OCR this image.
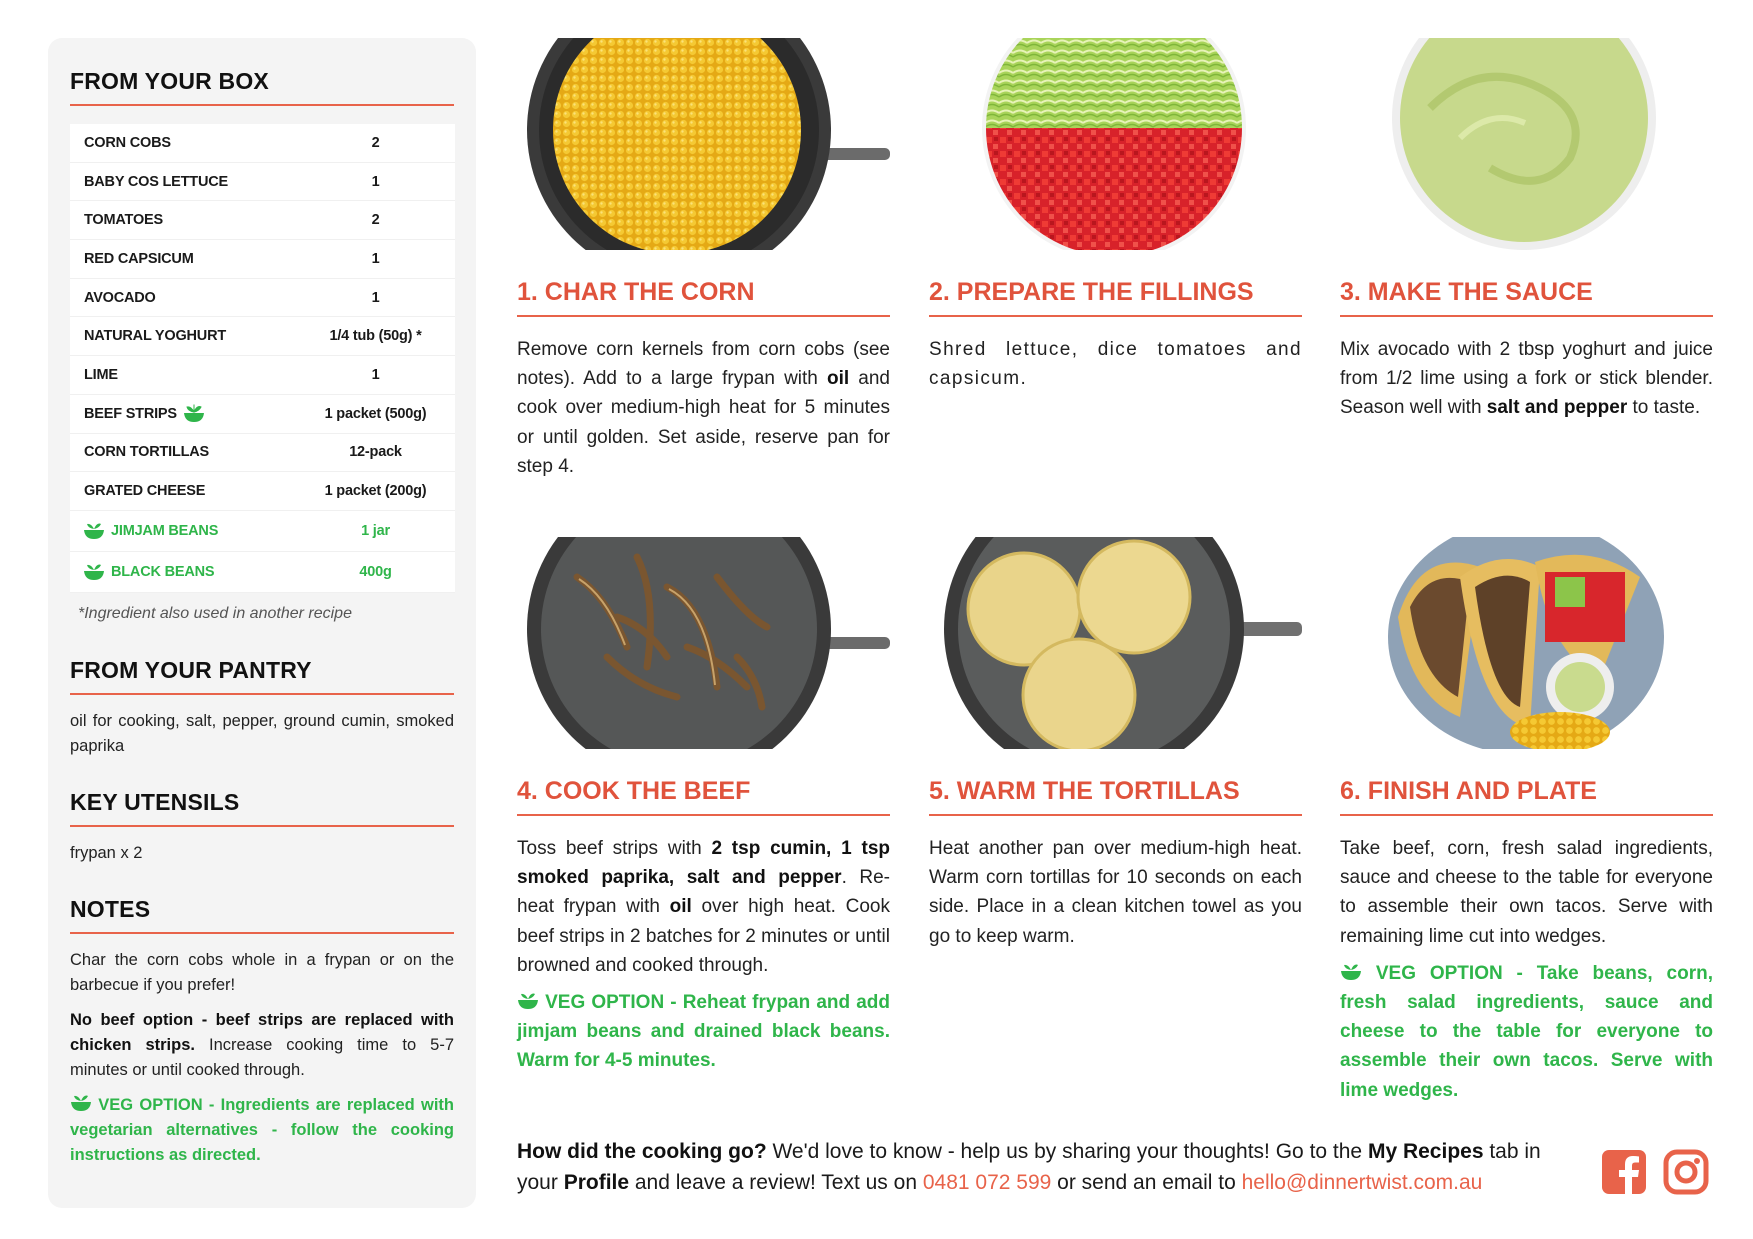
FROM YOUR BOX
CORN COBS	2
BABY COS LETTUCE	1
TOMATOES	2
RED CAPSICUM	1
AVOCADO	1
NATURAL YOGHURT	1/4 tub (50g) *
LIME	1
BEEF STRIPS	1 packet (500g)
CORN TORTILLAS	12-pack
GRATED CHEESE	1 packet (200g)
JIMJAM BEANS	1 jar
BLACK BEANS	400g
*Ingredient also used in another recipe
FROM YOUR PANTRY
oil for cooking, salt, pepper, ground cumin, smoked paprika
KEY UTENSILS
frypan x 2
NOTES

Char the corn cobs whole in a frypan or on the barbecue if you prefer!

No beef option - beef strips are replaced with chicken strips. Increase cooking time to 5-7 minutes or until cooked through.

VEG OPTION - Ingredients are replaced with vegetarian alternatives - follow the cooking instructions as directed.

1. CHAR THE CORN
Remove corn kernels from corn cobs (see notes). Add to a large frypan with oil and cook over medium-high heat for 5 minutes or until golden. Set aside, reserve pan for step 4.
2. PREPARE THE FILLINGS
Shred lettuce, dice tomatoes and capsicum.
3. MAKE THE SAUCE
Mix avocado with 2 tbsp yoghurt and juice from 1/2 lime using a fork or stick blender. Season well with salt and pepper to taste.
4. COOK THE BEEF
Toss beef strips with 2 tsp cumin, 1 tsp smoked paprika, salt and pepper. Re-heat frypan with oil over high heat. Cook beef strips in 2 batches for 2 minutes or until browned and cooked through.
VEG OPTION - Reheat frypan and add jimjam beans and drained black beans. Warm for 4-5 minutes.
5. WARM THE TORTILLAS
Heat another pan over medium-high heat. Warm corn tortillas for 10 seconds on each side. Place in a clean kitchen towel as you go to keep warm.
6. FINISH AND PLATE
Take beef, corn, fresh salad ingredients, sauce and cheese to the table for everyone to assemble their own tacos. Serve with remaining lime cut into wedges.
VEG OPTION - Take beans, corn, fresh salad ingredients, sauce and cheese to the table for everyone to assemble their own tacos. Serve with lime wedges.
How did the cooking go? We'd love to know - help us by sharing your thoughts! Go to the My Recipes tab in your Profile and leave a review! Text us on 0481 072 599 or send an email to hello@dinnertwist.com.au
